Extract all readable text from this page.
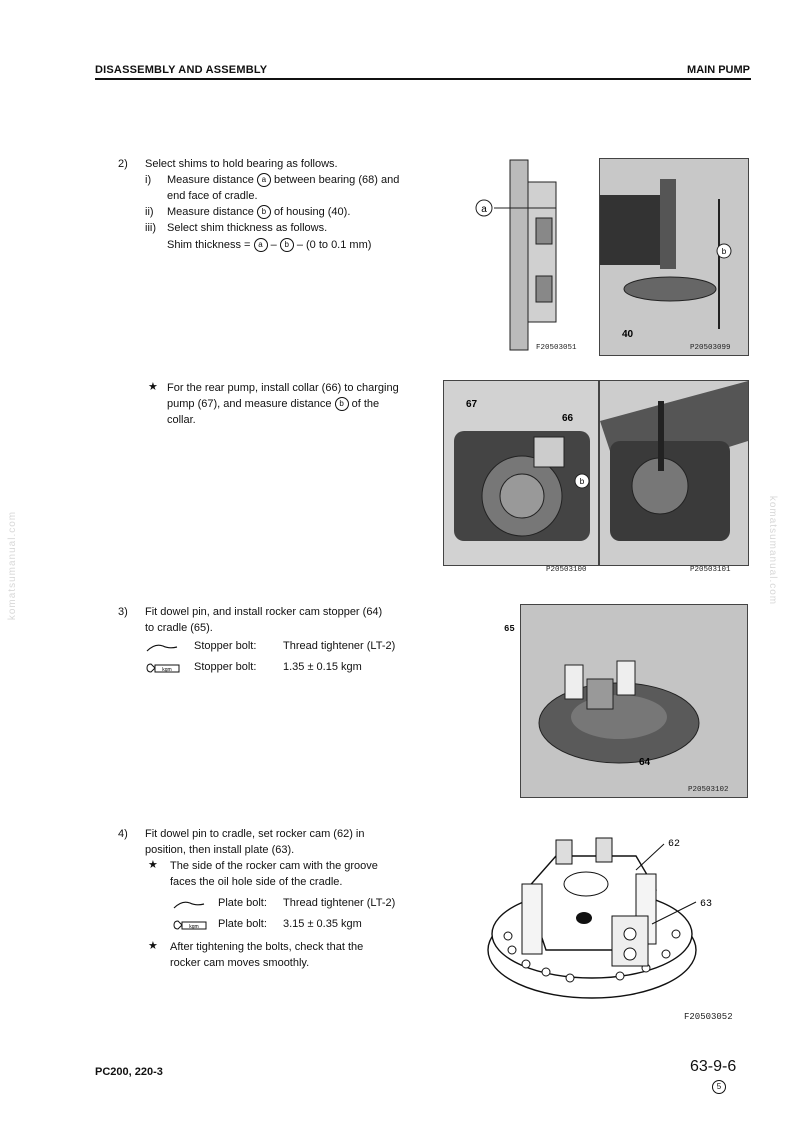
DISASSEMBLY AND ASSEMBLY	MAIN PUMP
komatsumanual.com	komatsumanual.com
2) Select shims to hold bearing as follows.
i) Measure distance a between bearing (68) and
end face of cradle.
ii) Measure distance b of housing (40).
iii) Select shim thickness as follows.
Shim thickness = a – b – (0 to 0.1 mm)
a
F20503051
b
40
P20503099
★ For the rear pump, install collar (66) to charging
pump (67), and measure distance b of the
collar.
67
66
b
P20503100	P20503101
3) Fit dowel pin, and install rocker cam stopper (64)
to cradle (65).
Stopper bolt: Thread tightener (LT-2)
kgm Stopper bolt: 1.35 ± 0.15 kgm
64
65
P20503102
4) Fit dowel pin to cradle, set rocker cam (62) in
position, then install plate (63).
★ The side of the rocker cam with the groove
faces the oil hole side of the cradle.
Plate bolt: Thread tightener (LT-2)
kgm Plate bolt: 3.15 ± 0.35 kgm
★ After tightening the bolts, check that the
rocker cam moves smoothly.
62
63
F20503052
PC200, 220-3	63-9-6
5
